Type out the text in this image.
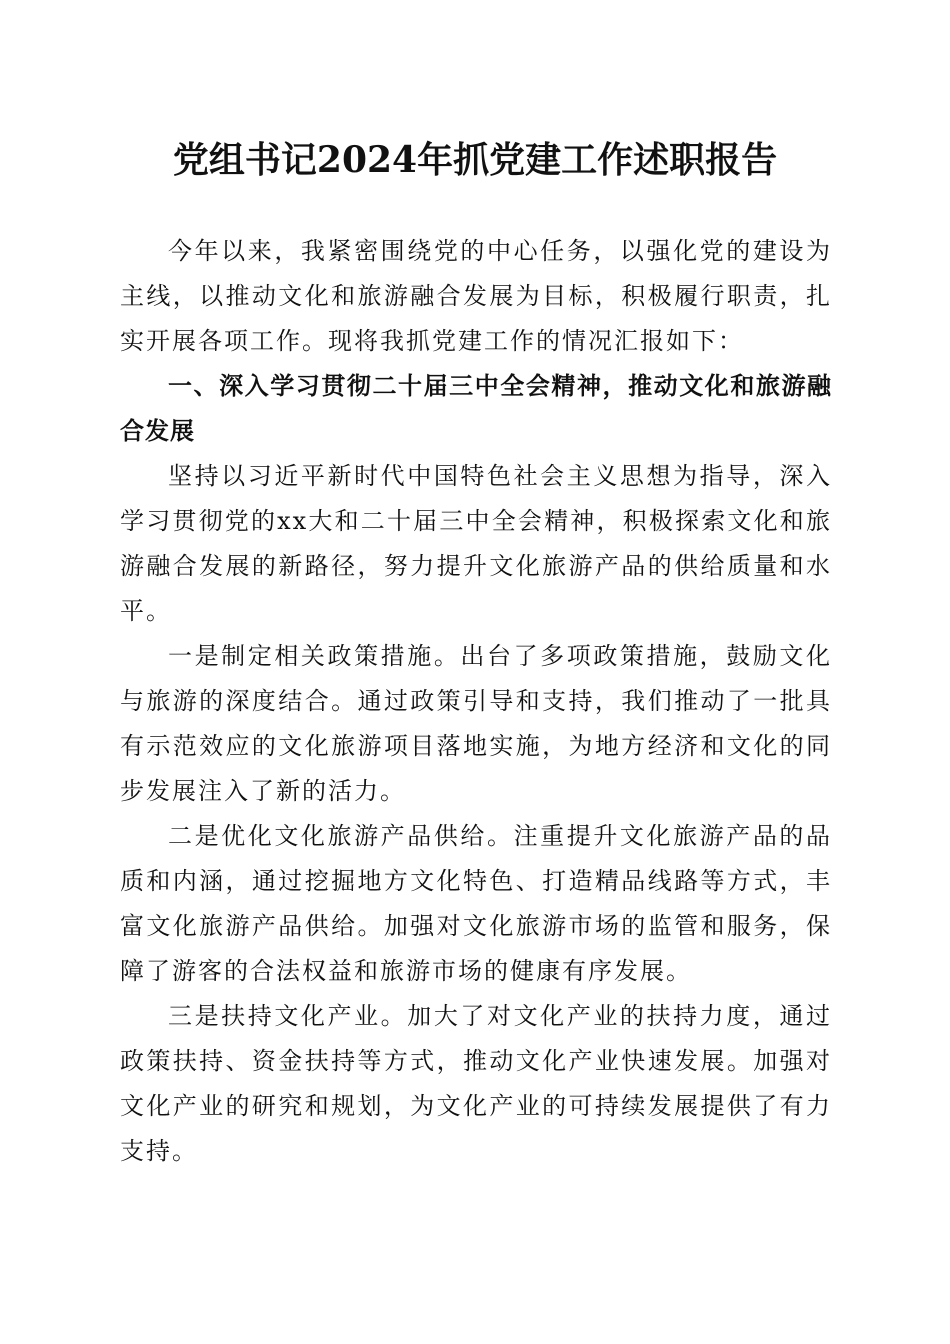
党组书记2024年抓党建工作述职报告

今年以来，我紧密围绕党的中心任务，以强化党的建设为主线，以推动文化和旅游融合发展为目标，积极履行职责，扎实开展各项工作。现将我抓党建工作的情况汇报如下：

一、深入学习贯彻二十届三中全会精神，推动文化和旅游融合发展

坚持以习近平新时代中国特色社会主义思想为指导，深入学习贯彻党的xx大和二十届三中全会精神，积极探索文化和旅游融合发展的新路径，努力提升文化旅游产品的供给质量和水平。

一是制定相关政策措施。出台了多项政策措施，鼓励文化与旅游的深度结合。通过政策引导和支持，我们推动了一批具有示范效应的文化旅游项目落地实施，为地方经济和文化的同步发展注入了新的活力。

二是优化文化旅游产品供给。注重提升文化旅游产品的品质和内涵，通过挖掘地方文化特色、打造精品线路等方式，丰富文化旅游产品供给。加强对文化旅游市场的监管和服务，保障了游客的合法权益和旅游市场的健康有序发展。

三是扶持文化产业。加大了对文化产业的扶持力度，通过政策扶持、资金扶持等方式，推动文化产业快速发展。加强对文化产业的研究和规划，为文化产业的可持续发展提供了有力支持。
